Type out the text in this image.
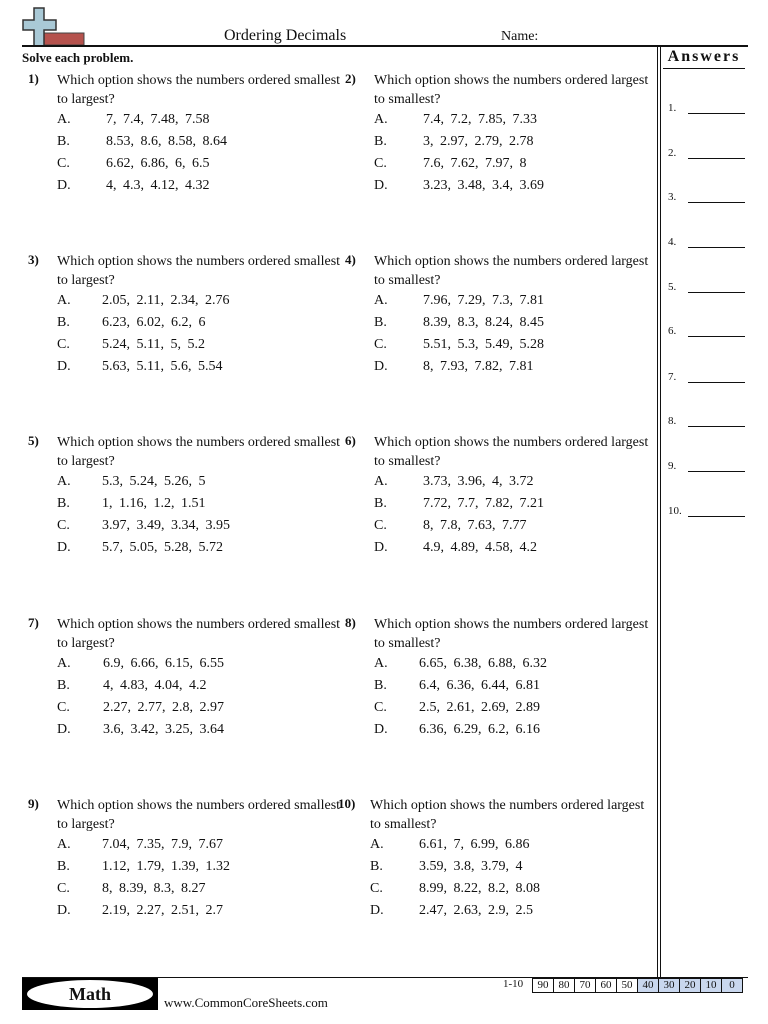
Ordering Decimals	Name:
Solve each problem.
1) Which option shows the numbers ordered smallest to largest?
A.	7, 7.4, 7.48, 7.58
B.	8.53, 8.6, 8.58, 8.64
C.	6.62, 6.86, 6, 6.5
D.	4, 4.3, 4.12, 4.32
2) Which option shows the numbers ordered largest to smallest?
A.	7.4, 7.2, 7.85, 7.33
B.	3, 2.97, 2.79, 2.78
C.	7.6, 7.62, 7.97, 8
D.	3.23, 3.48, 3.4, 3.69
3) Which option shows the numbers ordered smallest to largest?
A. 2.05, 2.11, 2.34, 2.76
B. 6.23, 6.02, 6.2, 6
C. 5.24, 5.11, 5, 5.2
D. 5.63, 5.11, 5.6, 5.54
4) Which option shows the numbers ordered largest to smallest?
A.	7.96, 7.29, 7.3, 7.81
B.	8.39, 8.3, 8.24, 8.45
C.	5.51, 5.3, 5.49, 5.28
D.	8, 7.93, 7.82, 7.81
5) Which option shows the numbers ordered smallest to largest?
A. 5.3, 5.24, 5.26, 5
B. 1, 1.16, 1.2, 1.51
C. 3.97, 3.49, 3.34, 3.95
D. 5.7, 5.05, 5.28, 5.72
6) Which option shows the numbers ordered largest to smallest?
A.	3.73, 3.96, 4, 3.72
B.	7.72, 7.7, 7.82, 7.21
C.	8, 7.8, 7.63, 7.77
D.	4.9, 4.89, 4.58, 4.2
7) Which option shows the numbers ordered smallest to largest?
A. 6.9, 6.66, 6.15, 6.55
B. 4, 4.83, 4.04, 4.2
C. 2.27, 2.77, 2.8, 2.97
D. 3.6, 3.42, 3.25, 3.64
8) Which option shows the numbers ordered largest to smallest?
A. 6.65, 6.38, 6.88, 6.32
B. 6.4, 6.36, 6.44, 6.81
C. 2.5, 2.61, 2.69, 2.89
D. 6.36, 6.29, 6.2, 6.16
9) Which option shows the numbers ordered smallest to largest?
A. 7.04, 7.35, 7.9, 7.67
B. 1.12, 1.79, 1.39, 1.32
C. 8, 8.39, 8.3, 8.27
D. 2.19, 2.27, 2.51, 2.7
10) Which option shows the numbers ordered largest to smallest?
A.	6.61, 7, 6.99, 6.86
B.	3.59, 3.8, 3.79, 4
C.	8.99, 8.22, 8.2, 8.08
D.	2.47, 2.63, 2.9, 2.5
Answers
1.
2.
3.
4.
5.
6.
7.
8.
9.
10.
Math	www.CommonCoreSheets.com
1-10	90 80 70 60 50 40 30 20 10	0
